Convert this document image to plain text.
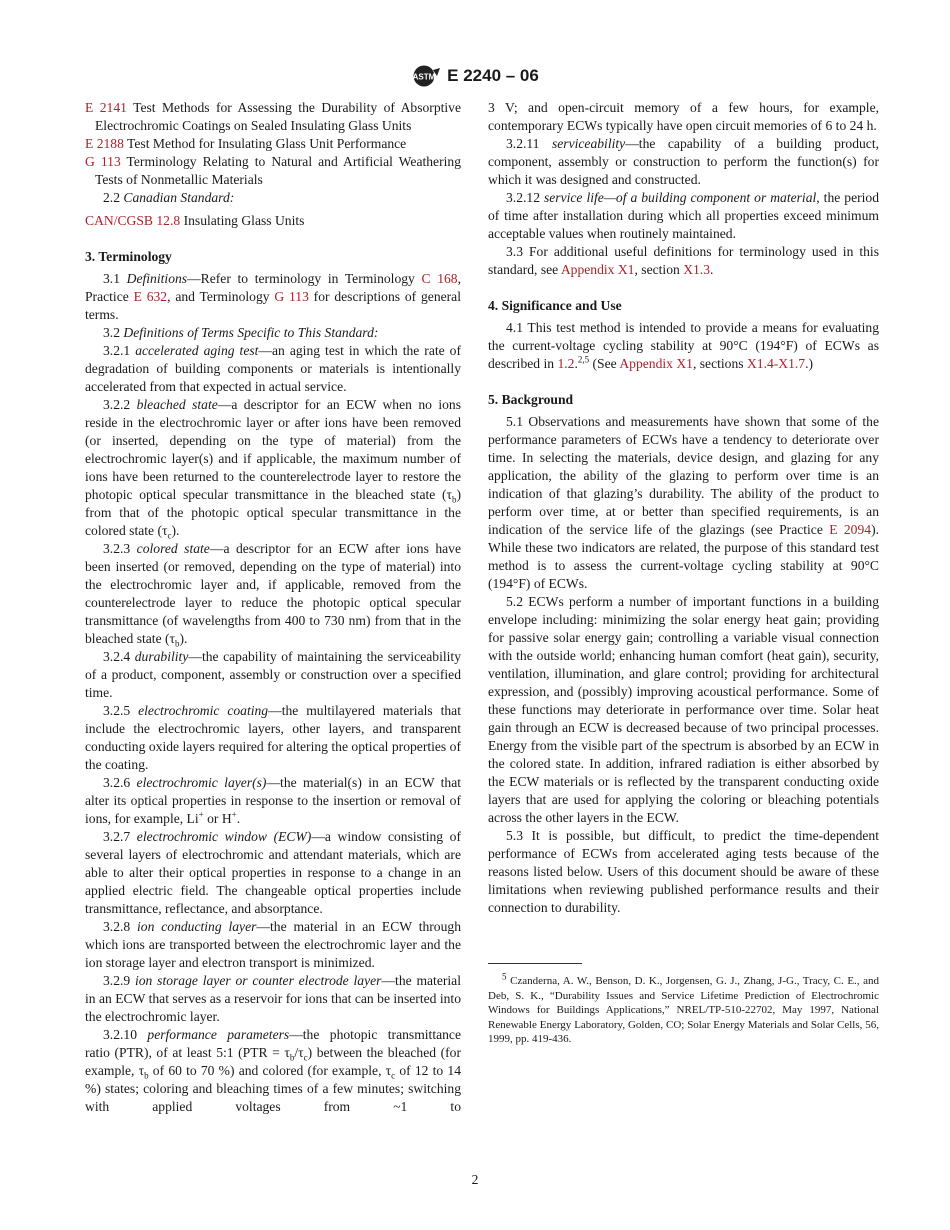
ASTM E 2240 – 06

E 2141 Test Methods for Assessing the Durability of Absorptive Electrochromic Coatings on Sealed Insulating Glass Units

E 2188 Test Method for Insulating Glass Unit Performance

G 113 Terminology Relating to Natural and Artificial Weathering Tests of Nonmetallic Materials

2.2 Canadian Standard:

CAN/CGSB 12.8 Insulating Glass Units

3. Terminology

3.1 Definitions—Refer to terminology in Terminology C 168, Practice E 632, and Terminology G 113 for descriptions of general terms.

3.2 Definitions of Terms Specific to This Standard:

3.2.1 accelerated aging test—an aging test in which the rate of degradation of building components or materials is intentionally accelerated from that expected in actual service.

3.2.2 bleached state—a descriptor for an ECW when no ions reside in the electrochromic layer or after ions have been removed (or inserted, depending on the type of material) from the electrochromic layer(s) and if applicable, the maximum number of ions have been returned to the counterelectrode layer to restore the photopic optical specular transmittance in the bleached state $(\tau_b)$ from that of the photopic optical specular transmittance in the colored state $(\tau_c)$.

3.2.3 colored state—a descriptor for an ECW after ions have been inserted (or removed, depending on the type of material) into the electrochromic layer and, if applicable, removed from the counterelectrode layer to reduce the photopic optical specular transmittance (of wavelengths from 400 to 730 nm) from that in the bleached state $(\tau_b)$.

3.2.4 durability—the capability of maintaining the serviceability of a product, component, assembly or construction over a specified time.

3.2.5 electrochromic coating—the multilayered materials that include the electrochromic layers, other layers, and transparent conducting oxide layers required for altering the optical properties of the coating.

3.2.6 electrochromic layer(s)—the material(s) in an ECW that alter its optical properties in response to the insertion or removal of ions, for example, Li+ or H+.

3.2.7 electrochromic window (ECW)—a window consisting of several layers of electrochromic and attendant materials, which are able to alter their optical properties in response to a change in an applied electric field. The changeable optical properties include transmittance, reflectance, and absorptance.

3.2.8 ion conducting layer—the material in an ECW through which ions are transported between the electrochromic layer and the ion storage layer and electron transport is minimized.

3.2.9 ion storage layer or counter electrode layer—the material in an ECW that serves as a reservoir for ions that can be inserted into the electrochromic layer.

3.2.10 performance parameters—the photopic transmittance ratio (PTR), of at least 5:1 $(PTR = \tau_b/\tau_c)$ between the bleached (for example, $\tau_b$ of 60 to 70 %) and colored (for example, $\tau_c$ of 12 to 14 %) states; coloring and bleaching times of a few minutes; switching with applied voltages from ~1 to

3 V; and open-circuit memory of a few hours, for example, contemporary ECWs typically have open circuit memories of 6 to 24 h.

3.2.11 serviceability—the capability of a building product, component, assembly or construction to perform the function(s) for which it was designed and constructed.

3.2.12 service life—of a building component or material, the period of time after installation during which all properties exceed minimum acceptable values when routinely maintained.

3.3 For additional useful definitions for terminology used in this standard, see Appendix X1, section X1.3.

4. Significance and Use

4.1 This test method is intended to provide a means for evaluating the current-voltage cycling stability at 90°C (194°F) of ECWs as described in 1.2.$^{2,5}$ (See Appendix X1, sections X1.4-X1.7.)

5. Background

5.1 Observations and measurements have shown that some of the performance parameters of ECWs have a tendency to deteriorate over time. In selecting the materials, device design, and glazing for any application, the ability of the glazing to perform over time is an indication of that glazing’s durability. The ability of the product to perform over time, at or better than specified requirements, is an indication of the service life of the glazings (see Practice E 2094). While these two indicators are related, the purpose of this standard test method is to assess the current-voltage cycling stability at 90°C (194°F) of ECWs.

5.2 ECWs perform a number of important functions in a building envelope including: minimizing the solar energy heat gain; providing for passive solar energy gain; controlling a variable visual connection with the outside world; enhancing human comfort (heat gain), security, ventilation, illumination, and glare control; providing for architectural expression, and (possibly) improving acoustical performance. Some of these functions may deteriorate in performance over time. Solar heat gain through an ECW is decreased because of two principal processes. Energy from the visible part of the spectrum is absorbed by an ECW in the colored state. In addition, infrared radiation is either absorbed by the ECW materials or is reflected by the transparent conducting oxide layers that are used for applying the coloring or bleaching potentials across the other layers in the ECW.

5.3 It is possible, but difficult, to predict the time-dependent performance of ECWs from accelerated aging tests because of the reasons listed below. Users of this document should be aware of these limitations when reviewing published performance results and their connection to durability.

$^5$ Czanderna, A. W., Benson, D. K., Jorgensen, G. J., Zhang, J-G., Tracy, C. E., and Deb, S. K., “Durability Issues and Service Lifetime Prediction of Electrochromic Windows for Buildings Applications,” NREL/TP-510-22702, May 1997, National Renewable Energy Laboratory, Golden, CO; Solar Energy Materials and Solar Cells, 56, 1999, pp. 419-436.

2
